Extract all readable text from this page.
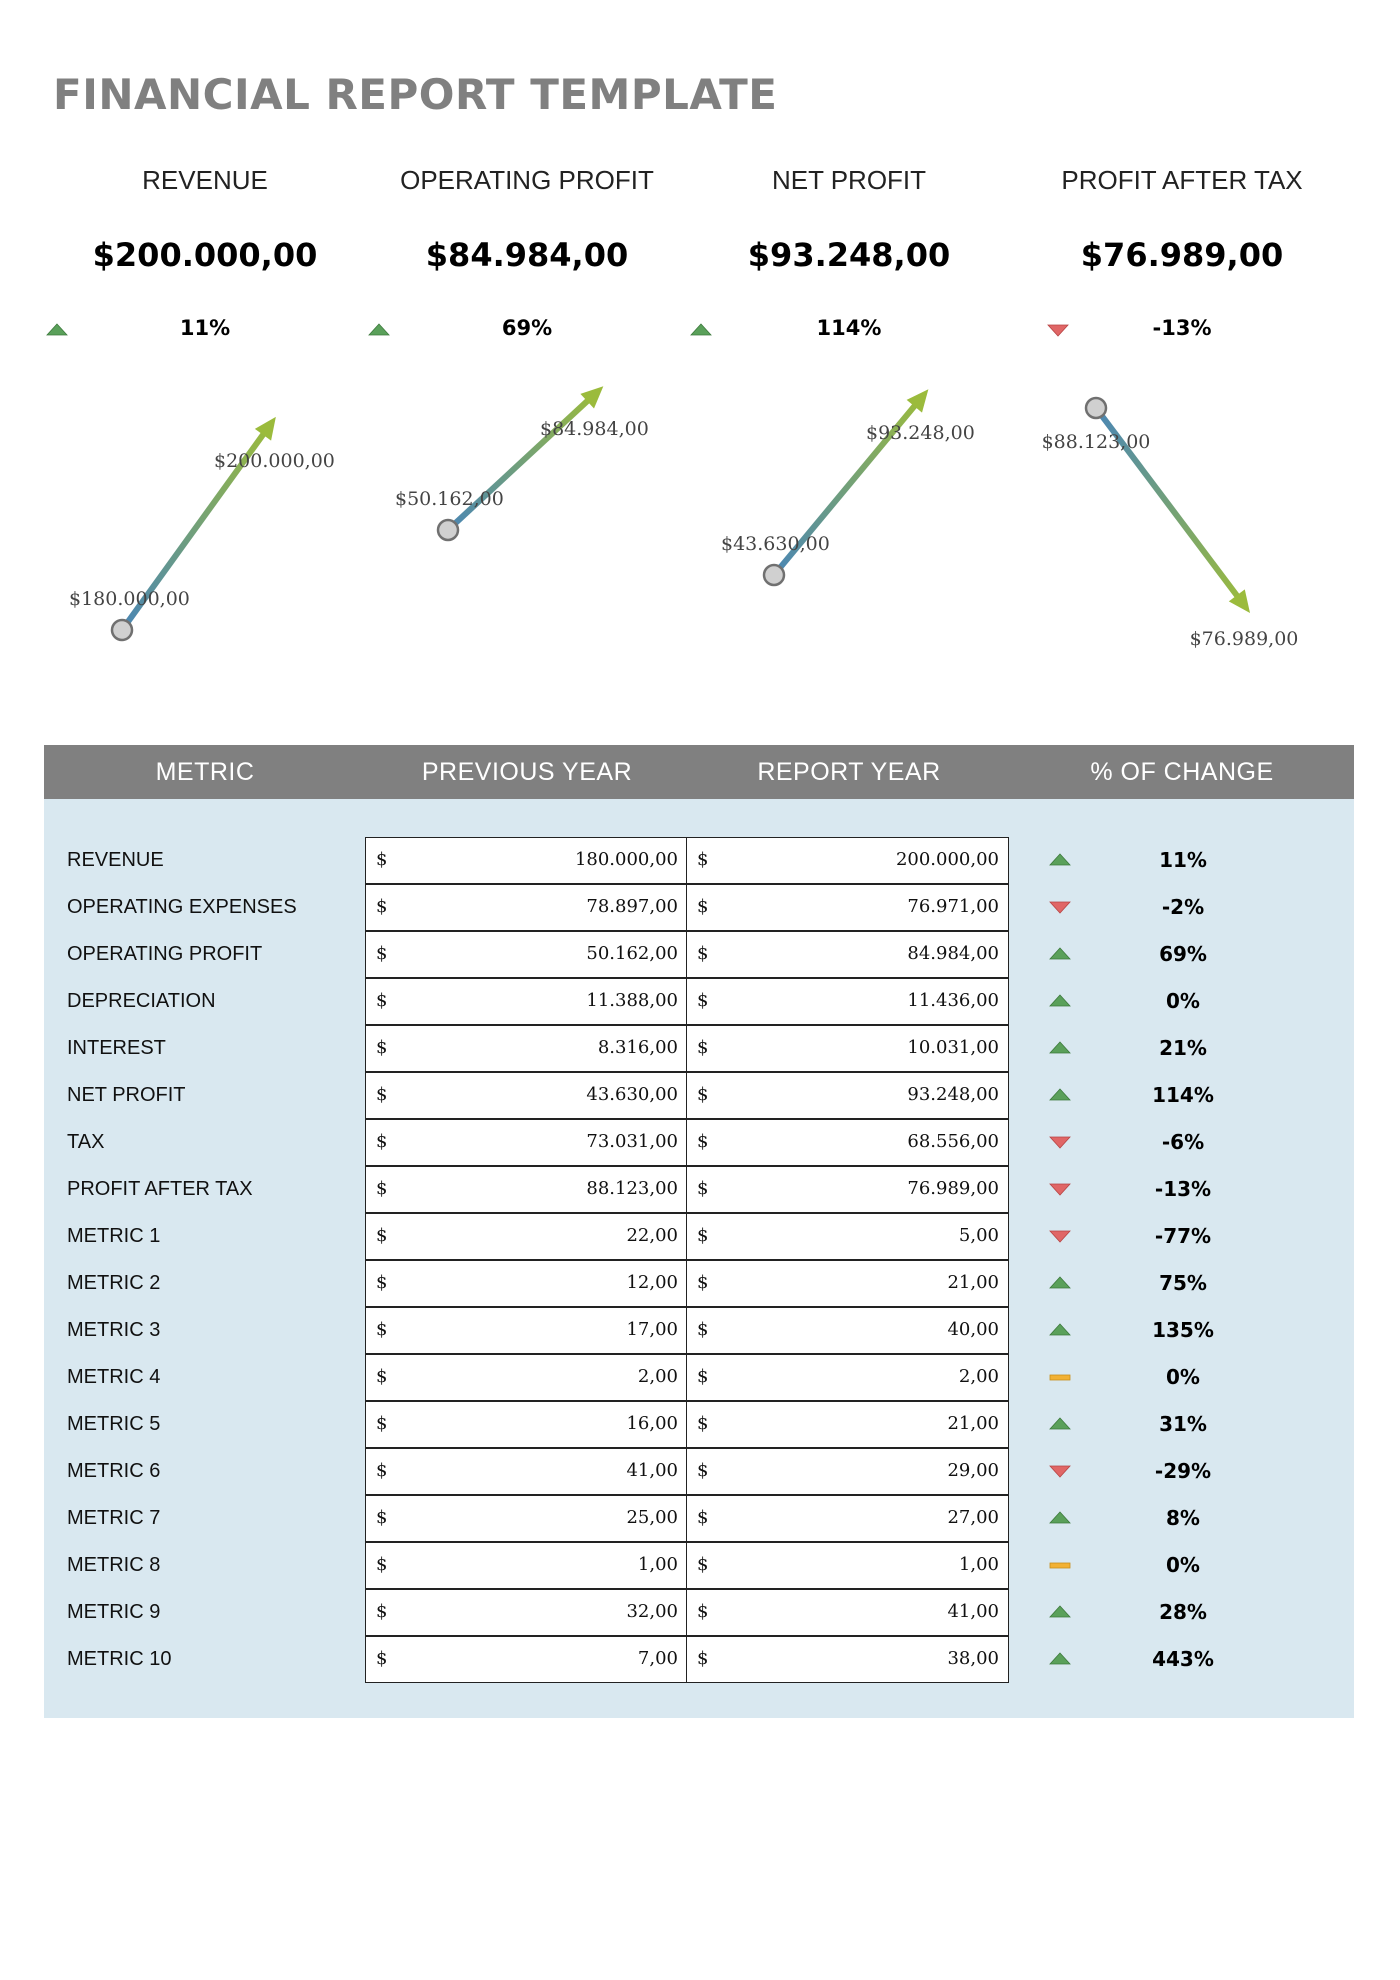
FINANCIAL REPORT TEMPLATE
REVENUE
$200.000,00
11%
OPERATING PROFIT
$84.984,00
69%
NET PROFIT
$93.248,00
114%
PROFIT AFTER TAX
$76.989,00
-13%
$180.000,00
$200.000,00
$50.162,00
$84.984,00
$43.630,00
$93.248,00	$88.123,00
$76.989,00
METRIC	PREVIOUS YEAR	REPORT YEAR	% OF CHANGE
REVENUE	$	180.000,00 $	200.000,00	11%
OPERATING EXPENSES	$	78.897,00 $	76.971,00	-2%
OPERATING PROFIT	$	50.162,00 $	84.984,00	69%
DEPRECIATION	$	11.388,00 $	11.436,00	0%
INTEREST	$	8.316,00 $	10.031,00	21%
NET PROFIT	$	43.630,00 $	93.248,00	114%
TAX	$	73.031,00 $	68.556,00	-6%
PROFIT AFTER TAX	$	88.123,00 $	76.989,00	-13%
METRIC 1	$	22,00 $	5,00	-77%
METRIC 2	$	12,00 $	21,00	75%
METRIC 3	$	17,00 $	40,00	135%
METRIC 4	$	2,00 $	2,00	0%
METRIC 5	$	16,00 $	21,00	31%
METRIC 6	$	41,00 $	29,00	-29%
METRIC 7	$	25,00 $	27,00	8%
METRIC 8	$	1,00 $	1,00	0%
METRIC 9	$	32,00 $	41,00	28%
METRIC 10	$	7,00 $	38,00	443%
